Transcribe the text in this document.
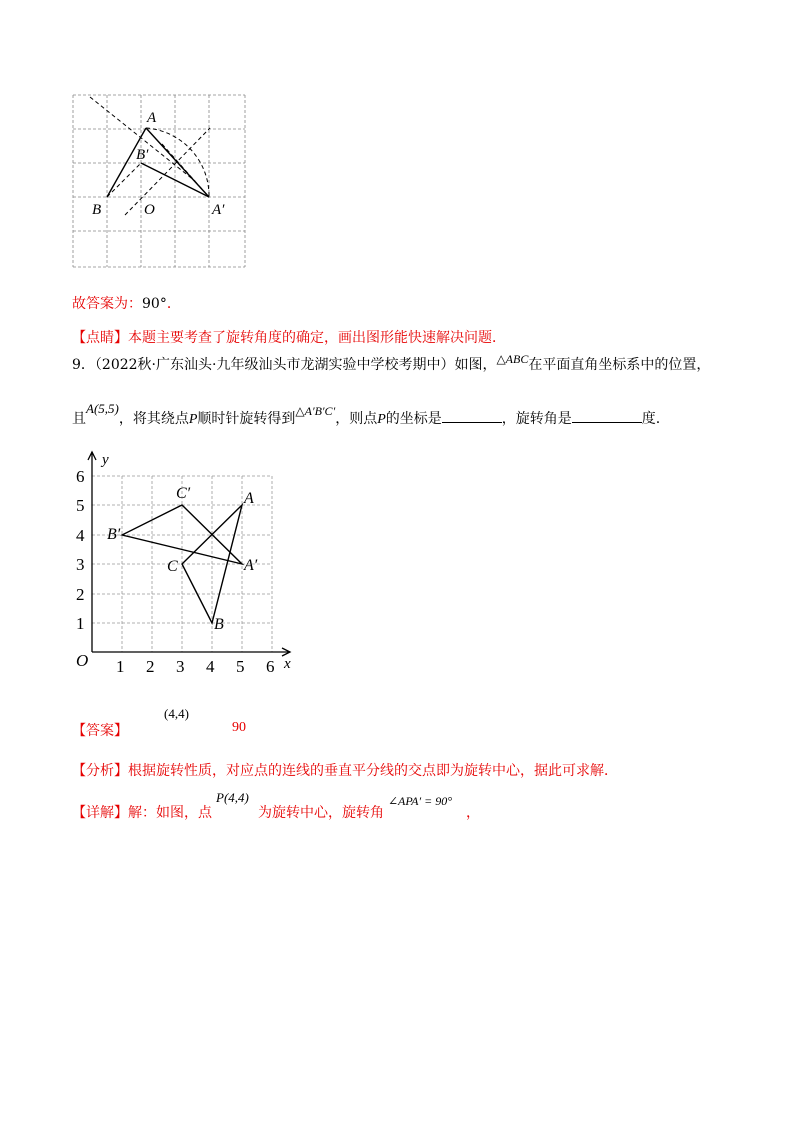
A
B′
B	O	A′
故答案为：90°．
【点睛】本题主要考查了旋转角度的确定，画出图形能快速解决问题．
9．（2022秋·广东汕头·九年级汕头市龙湖实验中学校考期中）如图，△ABC在平面直角坐标系中的位置，
且A(5,5)，将其绕点P顺时针旋转得到△A′B′C′，则点P的坐标是	，旋转角是	度.
y
x
O 1 2 3 4 5 6
1
2
3
4
5
6
A
B
C	A′
B′
C′
【答案】
(4,4)
90
【分析】根据旋转性质，对应点的连线的垂直平分线的交点即为旋转中心，据此可求解．
【详解】解：如图，点	为旋转中心，旋转角	，
P(4,4)	∠APA′ = 90°
